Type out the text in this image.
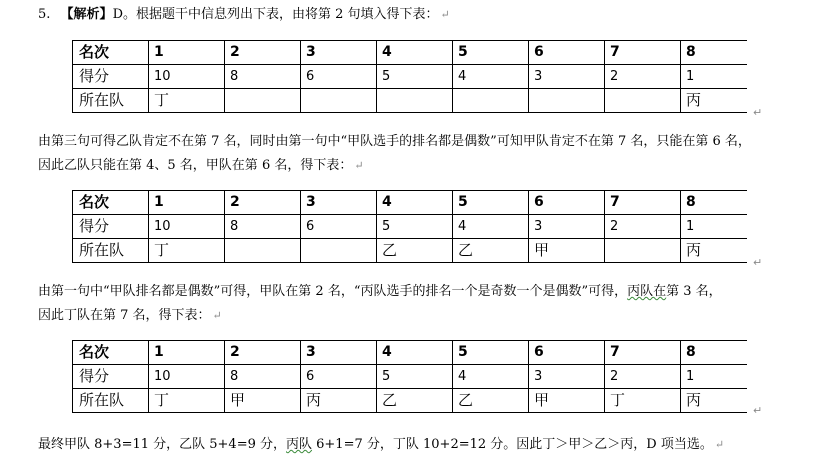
5. 【解析】D。根据题干中信息列出下表，由将第 2 句填入得下表： ↵
名次	1	2	3	4	5	6	7	8
得分	10	8	6	5	4	3	2	1
所在队	丁							丙
↵
由第三句可得乙队肯定不在第 7 名，同时由第一句中“甲队选手的排名都是偶数”可知甲队肯定不在第 7 名，只能在第 6 名，
因此乙队只能在第 4、5 名，甲队在第 6 名，得下表： ↵
名次	1	2	3	4	5	6	7	8
得分	10	8	6	5	4	3	2	1
所在队	丁			乙	乙	甲		丙
↵
由第一句中“甲队排名都是偶数”可得，甲队在第 2 名，“丙队选手的排名一个是奇数一个是偶数”可得，丙队在第 3 名，
因此丁队在第 7 名，得下表： ↵
名次	1	2	3	4	5	6	7	8
得分	10	8	6	5	4	3	2	1
所在队	丁	甲	丙	乙	乙	甲	丁	丙
↵
最终甲队 8+3=11 分，乙队 5+4=9 分，丙队 6+1=7 分，丁队 10+2=12 分。因此丁＞甲＞乙＞丙，D 项当选。 ↵
